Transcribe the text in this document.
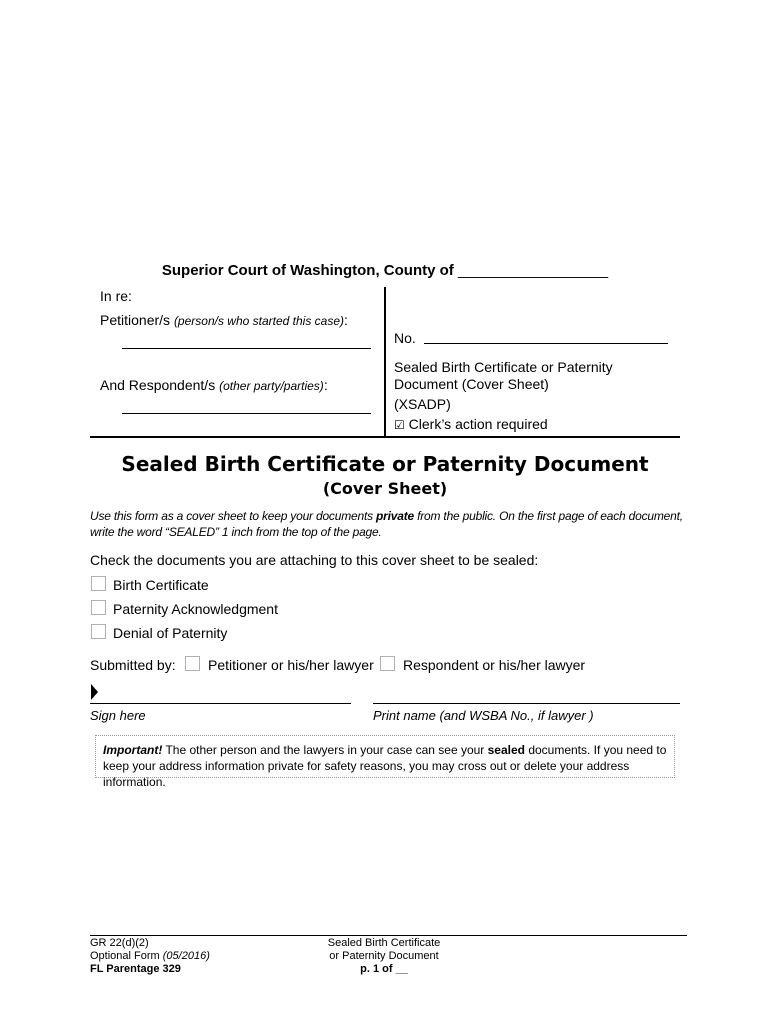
Superior Court of Washington, County of __________________
In re:
Petitioner/s (person/s who started this case):
And Respondent/s (other party/parties):
No.
Sealed Birth Certificate or Paternity
Document (Cover Sheet)
(XSADP)
☑ Clerk’s action required
Sealed Birth Certificate or Paternity Document
(Cover Sheet)
Use this form as a cover sheet to keep your documents private from the public. On the first page of each document, write the word “SEALED” 1 inch from the top of the page.
Check the documents you are attaching to this cover sheet to be sealed:
Birth Certificate
Paternity Acknowledgment
Denial of Paternity
Submitted by: Petitioner or his/her lawyer Respondent or his/her lawyer
Sign here	Print name (and WSBA No., if lawyer )
Important! The other person and the lawyers in your case can see your sealed documents. If you need to keep your address information private for safety reasons, you may cross out or delete your address information.
GR 22(d)(2)
Optional Form (05/2016)
FL Parentage 329
Sealed Birth Certificate
or Paternity Document
p. 1 of __
